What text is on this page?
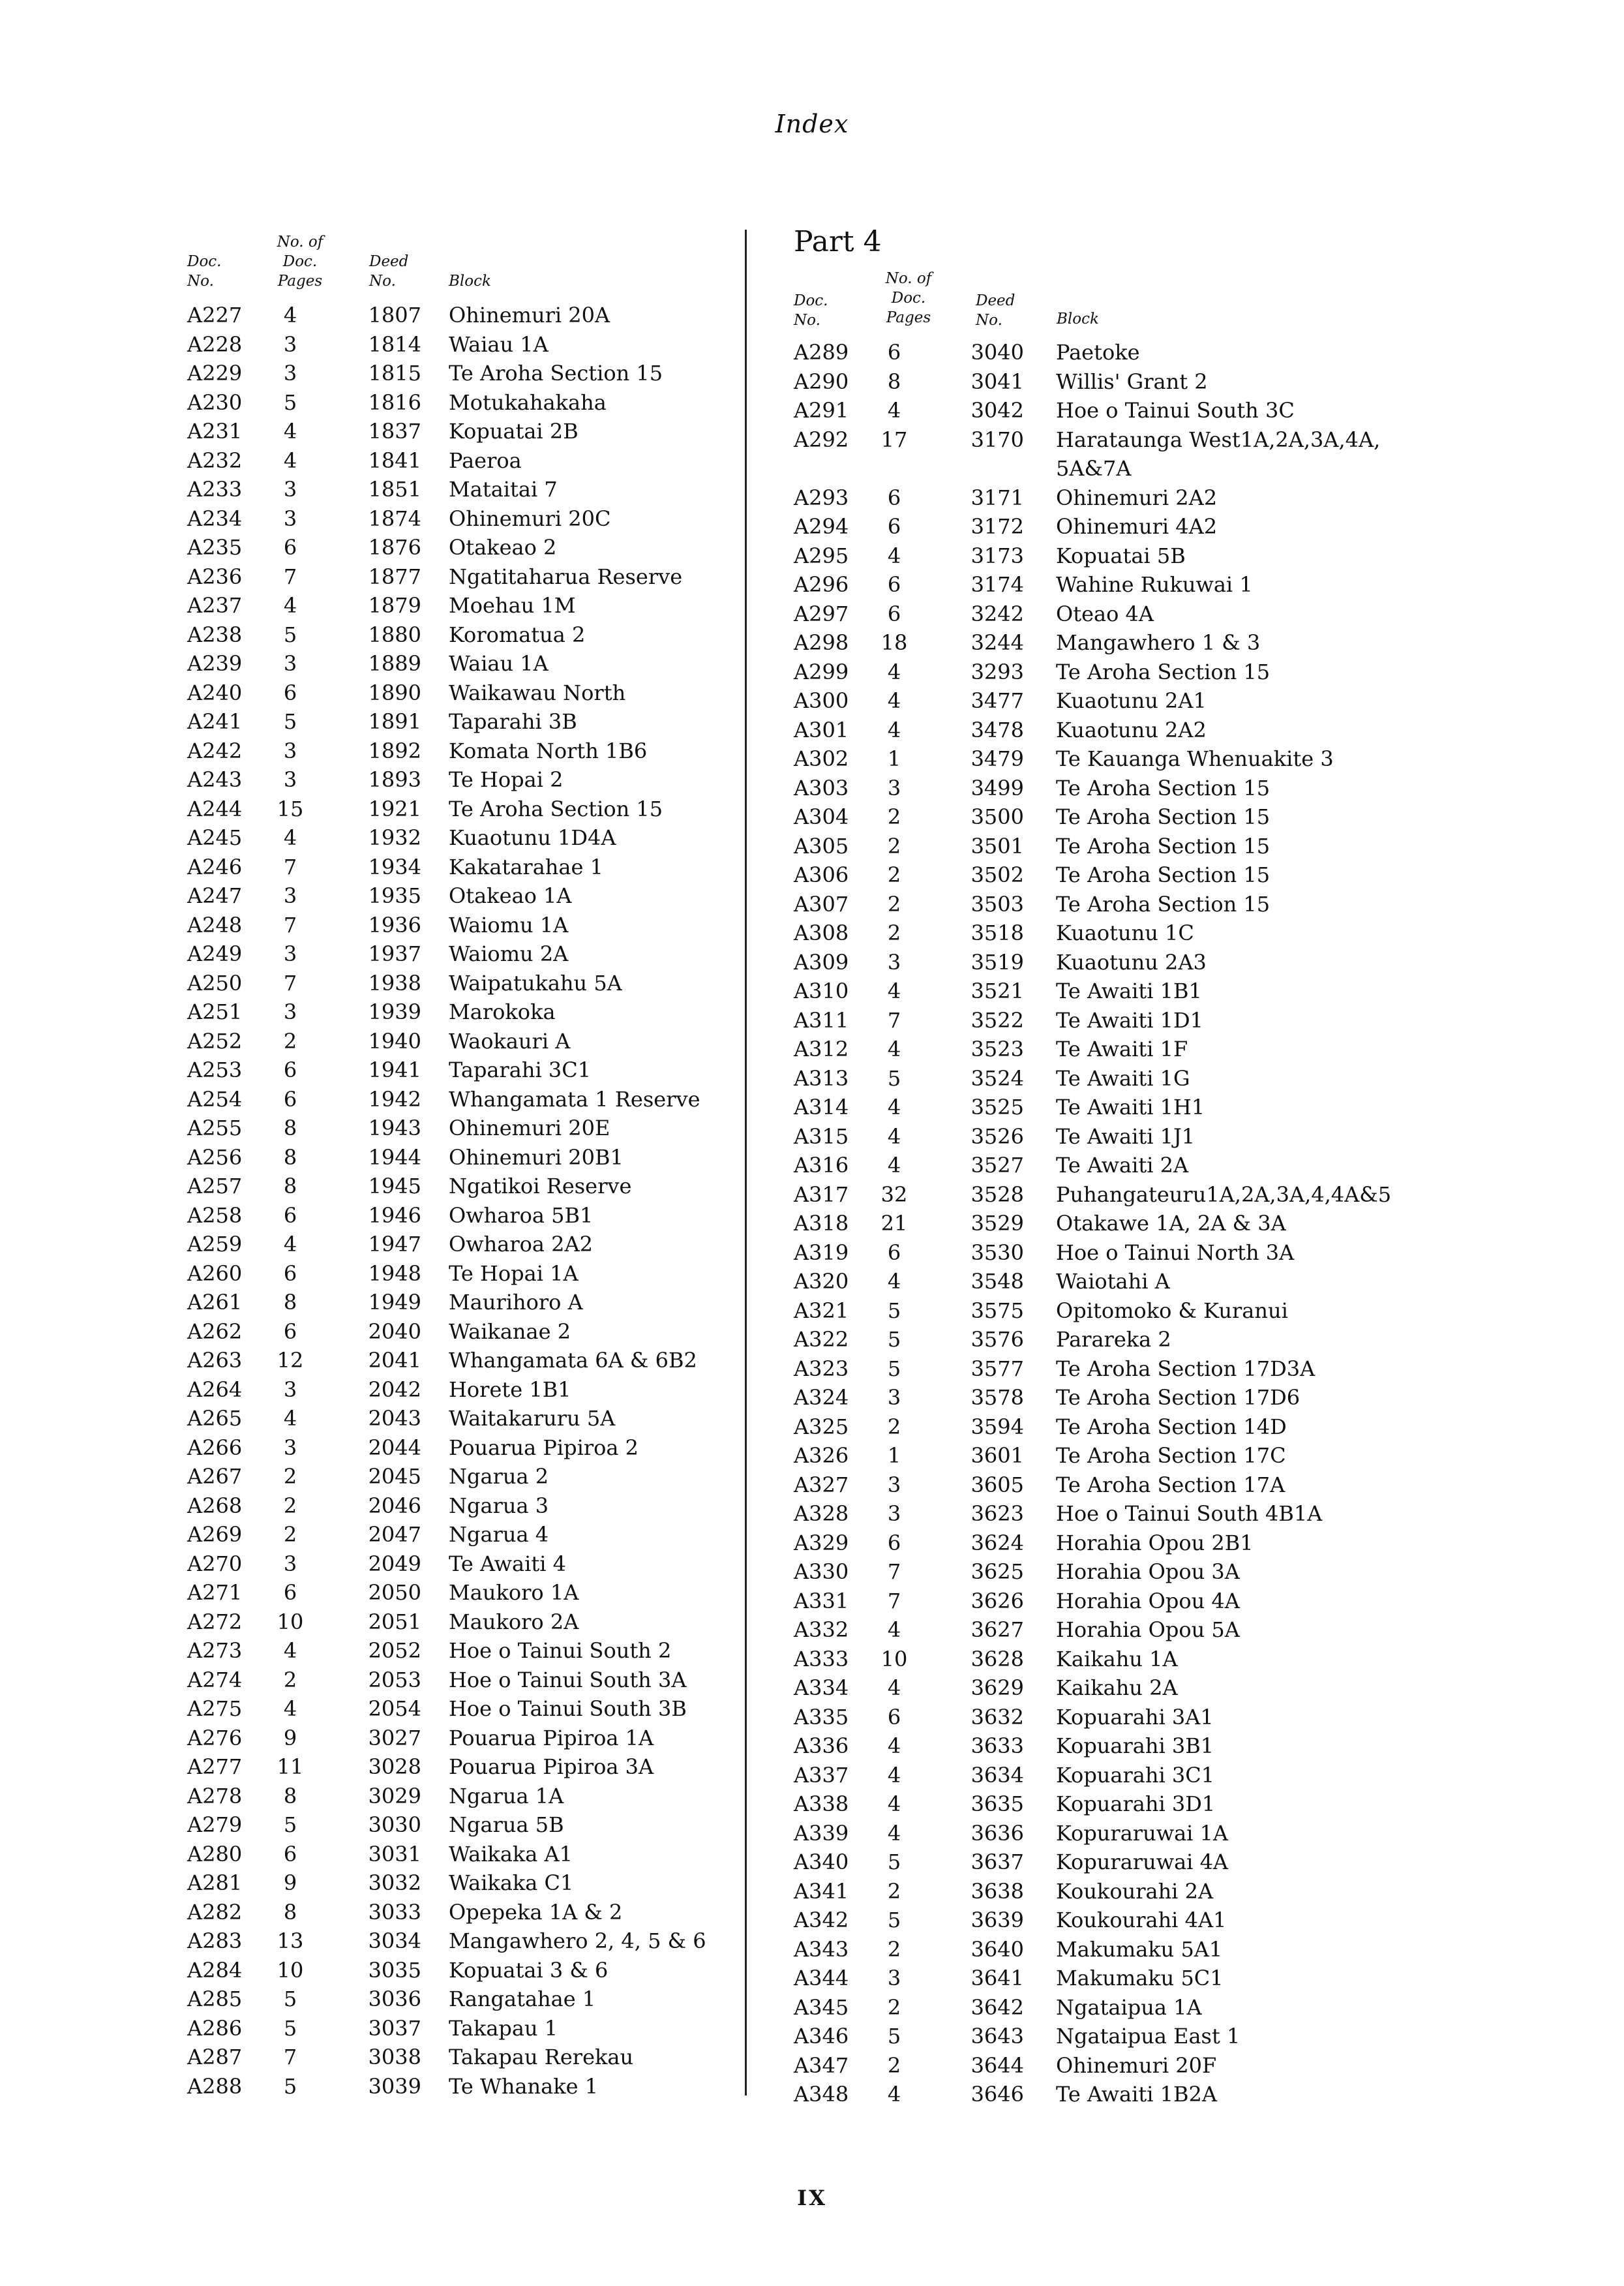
Index
Doc.
No.
No. of
Doc.
Pages
Deed
No.	Block
Part 4
Doc.
No.
No. of
Doc.
Pages
Deed
No.	Block
A227	4	1807 Ohinemuri 20A
A228	3	1814 Waiau 1A
A229	3	1815 Te Aroha Section 15
A230	5	1816 Motukahakaha
A231	4	1837 Kopuatai 2B
A232	4	1841 Paeroa
A233	3	1851 Mataitai 7
A234	3	1874 Ohinemuri 20C
A235	6	1876 Otakeao 2
A236	7	1877 Ngatitaharua Reserve
A237	4	1879 Moehau 1M
A238	5	1880 Koromatua 2
A239	3	1889 Waiau 1A
A240	6	1890 Waikawau North
A241	5	1891 Taparahi 3B
A242	3	1892 Komata North 1B6
A243	3	1893 Te Hopai 2
A244	15	1921 Te Aroha Section 15
A245	4	1932 Kuaotunu 1D4A
A246	7	1934 Kakatarahae 1
A247	3	1935 Otakeao 1A
A248	7	1936 Waiomu 1A
A249	3	1937 Waiomu 2A
A250	7	1938 Waipatukahu 5A
A251	3	1939 Marokoka
A252	2	1940 Waokauri A
A253	6	1941 Taparahi 3C1
A254	6	1942 Whangamata 1 Reserve
A255	8	1943 Ohinemuri 20E
A256	8	1944 Ohinemuri 20B1
A257	8	1945 Ngatikoi Reserve
A258	6	1946 Owharoa 5B1
A259	4	1947 Owharoa 2A2
A260	6	1948 Te Hopai 1A
A261	8	1949 Maurihoro A
A262	6	2040 Waikanae 2
A263	12	2041 Whangamata 6A & 6B2
A264	3	2042 Horete 1B1
A265	4	2043 Waitakaruru 5A
A266	3	2044 Pouarua Pipiroa 2
A267	2	2045 Ngarua 2
A268	2	2046 Ngarua 3
A269	2	2047 Ngarua 4
A270	3	2049 Te Awaiti 4
A271	6	2050 Maukoro 1A
A272	10	2051 Maukoro 2A
A273	4	2052 Hoe o Tainui South 2
A274	2	2053 Hoe o Tainui South 3A
A275	4	2054 Hoe o Tainui South 3B
A276	9	3027 Pouarua Pipiroa 1A
A277	11	3028 Pouarua Pipiroa 3A
A278	8	3029 Ngarua 1A
A279	5	3030 Ngarua 5B
A280	6	3031 Waikaka A1
A281	9	3032 Waikaka C1
A282	8	3033 Opepeka 1A & 2
A283	13	3034 Mangawhero 2, 4, 5 & 6
A284	10	3035 Kopuatai 3 & 6
A285	5	3036 Rangatahae 1
A286	5	3037 Takapau 1
A287	7	3038 Takapau Rerekau
A288	5	3039 Te Whanake 1
A289	6	3040 Paetoke
A290	8	3041 Willis' Grant 2
A291	4	3042 Hoe o Tainui South 3C
A292	17	3170 Harataunga West1A,2A,3A,4A,
5A&7A
A293	6	3171 Ohinemuri 2A2
A294	6	3172 Ohinemuri 4A2
A295	4	3173 Kopuatai 5B
A296	6	3174 Wahine Rukuwai 1
A297	6	3242 Oteao 4A
A298	18	3244 Mangawhero 1 & 3
A299	4	3293 Te Aroha Section 15
A300	4	3477 Kuaotunu 2A1
A301	4	3478 Kuaotunu 2A2
A302	1	3479 Te Kauanga Whenuakite 3
A303	3	3499 Te Aroha Section 15
A304	2	3500 Te Aroha Section 15
A305	2	3501 Te Aroha Section 15
A306	2	3502 Te Aroha Section 15
A307	2	3503 Te Aroha Section 15
A308	2	3518 Kuaotunu 1C
A309	3	3519 Kuaotunu 2A3
A310	4	3521 Te Awaiti 1B1
A311	7	3522 Te Awaiti 1D1
A312	4	3523 Te Awaiti 1F
A313	5	3524 Te Awaiti 1G
A314	4	3525 Te Awaiti 1H1
A315	4	3526 Te Awaiti 1J1
A316	4	3527 Te Awaiti 2A
A317	32	3528 Puhangateuru1A,2A,3A,4,4A&5
A318	21	3529 Otakawe 1A, 2A & 3A
A319	6	3530 Hoe o Tainui North 3A
A320	4	3548 Waiotahi A
A321	5	3575 Opitomoko & Kuranui
A322	5	3576 Parareka 2
A323	5	3577 Te Aroha Section 17D3A
A324	3	3578 Te Aroha Section 17D6
A325	2	3594 Te Aroha Section 14D
A326	1	3601 Te Aroha Section 17C
A327	3	3605 Te Aroha Section 17A
A328	3	3623 Hoe o Tainui South 4B1A
A329	6	3624 Horahia Opou 2B1
A330	7	3625 Horahia Opou 3A
A331	7	3626 Horahia Opou 4A
A332	4	3627 Horahia Opou 5A
A333	10	3628 Kaikahu 1A
A334	4	3629 Kaikahu 2A
A335	6	3632 Kopuarahi 3A1
A336	4	3633 Kopuarahi 3B1
A337	4	3634 Kopuarahi 3C1
A338	4	3635 Kopuarahi 3D1
A339	4	3636 Kopuraruwai 1A
A340	5	3637 Kopuraruwai 4A
A341	2	3638 Koukourahi 2A
A342	5	3639 Koukourahi 4A1
A343	2	3640 Makumaku 5A1
A344	3	3641 Makumaku 5C1
A345	2	3642 Ngataipua 1A
A346	5	3643 Ngataipua East 1
A347	2	3644 Ohinemuri 20F
A348	4	3646 Te Awaiti 1B2A
IX
